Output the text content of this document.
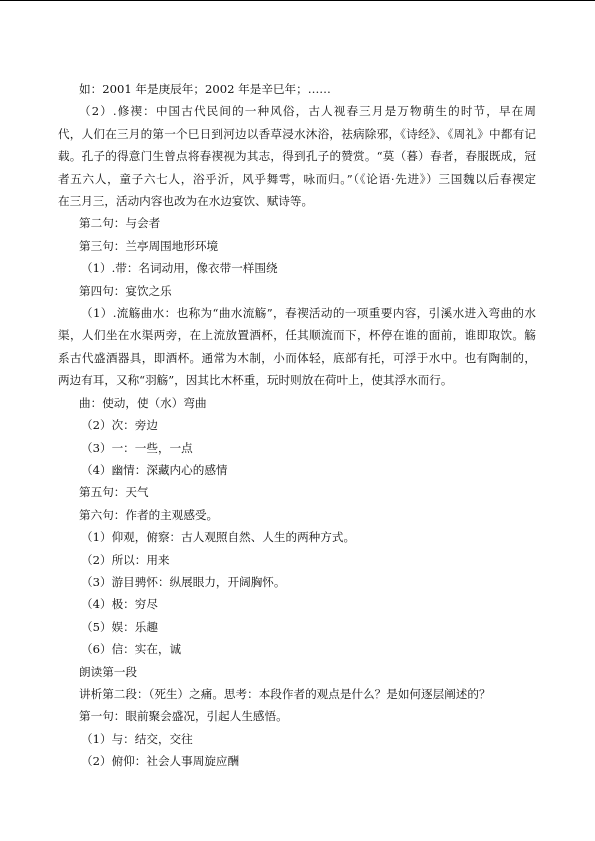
如：2001 年是庚辰年；2002 年是辛巳年；……
（2）.修禊：中国古代民间的一种风俗，古人视春三月是万物萌生的时节，早在周
代，人们在三月的第一个巳日到河边以香草浸水沐浴，祛病除邪，《诗经》、《周礼》中都有记
载。孔子的得意门生曾点将春禊视为其志，得到孔子的赞赏。“莫（暮）春者，春服既成，冠
者五六人，童子六七人，浴乎沂，风乎舞雩，咏而归。”（《论语·先进》）三国魏以后春禊定
在三月三，活动内容也改为在水边宴饮、赋诗等。
第二句：与会者
第三句：兰亭周围地形环境
（1）.带：名词动用，像衣带一样围绕
第四句：宴饮之乐
（1）.流觞曲水：也称为“曲水流觞”，春禊活动的一项重要内容，引溪水进入弯曲的水
渠，人们坐在水渠两旁，在上流放置酒杯，任其顺流而下，杯停在谁的面前，谁即取饮。觞
系古代盛酒器具，即酒杯。通常为木制，小而体轻，底部有托，可浮于水中。也有陶制的，
两边有耳，又称“羽觞”，因其比木杯重，玩时则放在荷叶上，使其浮水而行。
曲：使动，使（水）弯曲
（2）次：旁边
（3）一：一些，一点
（4）幽情：深藏内心的感情
第五句：天气
第六句：作者的主观感受。
（1）仰观，俯察：古人观照自然、人生的两种方式。
（2）所以：用来
（3）游目骋怀：纵展眼力，开阔胸怀。
（4）极：穷尽
（5）娱：乐趣
（6）信：实在，诚
朗读第一段
讲析第二段：（死生）之痛。思考：本段作者的观点是什么？是如何逐层阐述的？
第一句：眼前聚会盛况，引起人生感悟。
（1）与：结交，交往
（2）俯仰：社会人事周旋应酬
